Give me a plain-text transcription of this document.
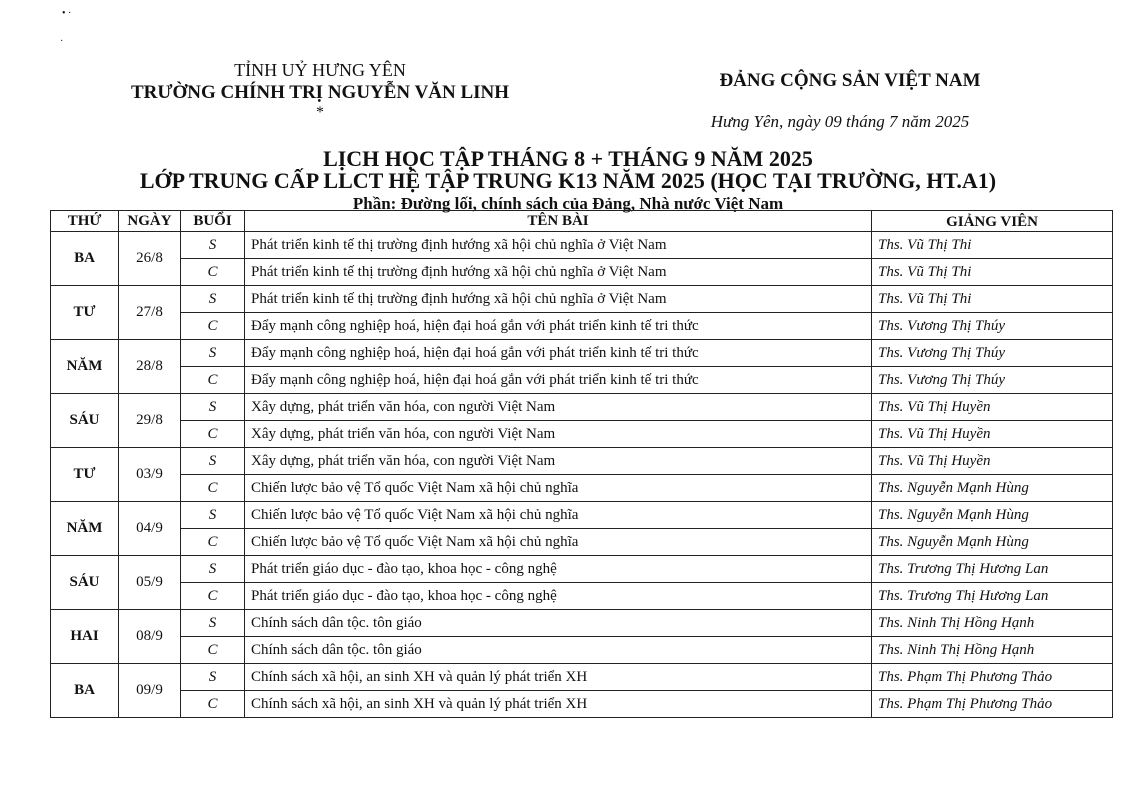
• ·
·
TỈNH UỶ HƯNG YÊN
TRƯỜNG CHÍNH TRỊ NGUYỄN VĂN LINH
*
ĐẢNG CỘNG SẢN VIỆT NAM
Hưng Yên, ngày 09 tháng 7 năm 2025
LỊCH HỌC TẬP THÁNG 8 + THÁNG 9 NĂM 2025
LỚP TRUNG CẤP LLCT HỆ TẬP TRUNG K13 NĂM 2025 (HỌC TẠI TRƯỜNG, HT.A1)
Phần: Đường lối, chính sách của Đảng, Nhà nước Việt Nam
THỨ	NGÀY	BUỔI	TÊN BÀI	GIẢNG VIÊN
BA	26/8	S	Phát triển kinh tế thị trường định hướng xã hội chủ nghĩa ở Việt Nam	Ths. Vũ Thị Thi
		C	Phát triển kinh tế thị trường định hướng xã hội chủ nghĩa ở Việt Nam	Ths. Vũ Thị Thi
TƯ	27/8	S	Phát triển kinh tế thị trường định hướng xã hội chủ nghĩa ở Việt Nam	Ths. Vũ Thị Thi
		C	Đẩy mạnh công nghiệp hoá, hiện đại hoá gắn với phát triển kinh tế tri thức	Ths. Vương Thị Thúy
NĂM	28/8	S	Đẩy mạnh công nghiệp hoá, hiện đại hoá gắn với phát triển kinh tế tri thức	Ths. Vương Thị Thúy
		C	Đẩy mạnh công nghiệp hoá, hiện đại hoá gắn với phát triển kinh tế tri thức	Ths. Vương Thị Thúy
SÁU	29/8	S	Xây dựng, phát triển văn hóa, con người Việt Nam	Ths. Vũ Thị Huyền
		C	Xây dựng, phát triển văn hóa, con người Việt Nam	Ths. Vũ Thị Huyền
TƯ	03/9	S	Xây dựng, phát triển văn hóa, con người Việt Nam	Ths. Vũ Thị Huyền
		C	Chiến lược bảo vệ Tổ quốc Việt Nam xã hội chủ nghĩa	Ths. Nguyễn Mạnh Hùng
NĂM	04/9	S	Chiến lược bảo vệ Tổ quốc Việt Nam xã hội chủ nghĩa	Ths. Nguyễn Mạnh Hùng
		C	Chiến lược bảo vệ Tổ quốc Việt Nam xã hội chủ nghĩa	Ths. Nguyễn Mạnh Hùng
SÁU	05/9	S	Phát triển giáo dục - đào tạo, khoa học - công nghệ	Ths. Trương Thị Hương Lan
		C	Phát triển giáo dục - đào tạo, khoa học - công nghệ	Ths. Trương Thị Hương Lan
HAI	08/9	S	Chính sách dân tộc. tôn giáo	Ths. Ninh Thị Hồng Hạnh
		C	Chính sách dân tộc. tôn giáo	Ths. Ninh Thị Hồng Hạnh
BA	09/9	S	Chính sách xã hội, an sinh XH và quản lý phát triển XH	Ths. Phạm Thị Phương Thảo
		C	Chính sách xã hội, an sinh XH và quản lý phát triển XH	Ths. Phạm Thị Phương Thảo
